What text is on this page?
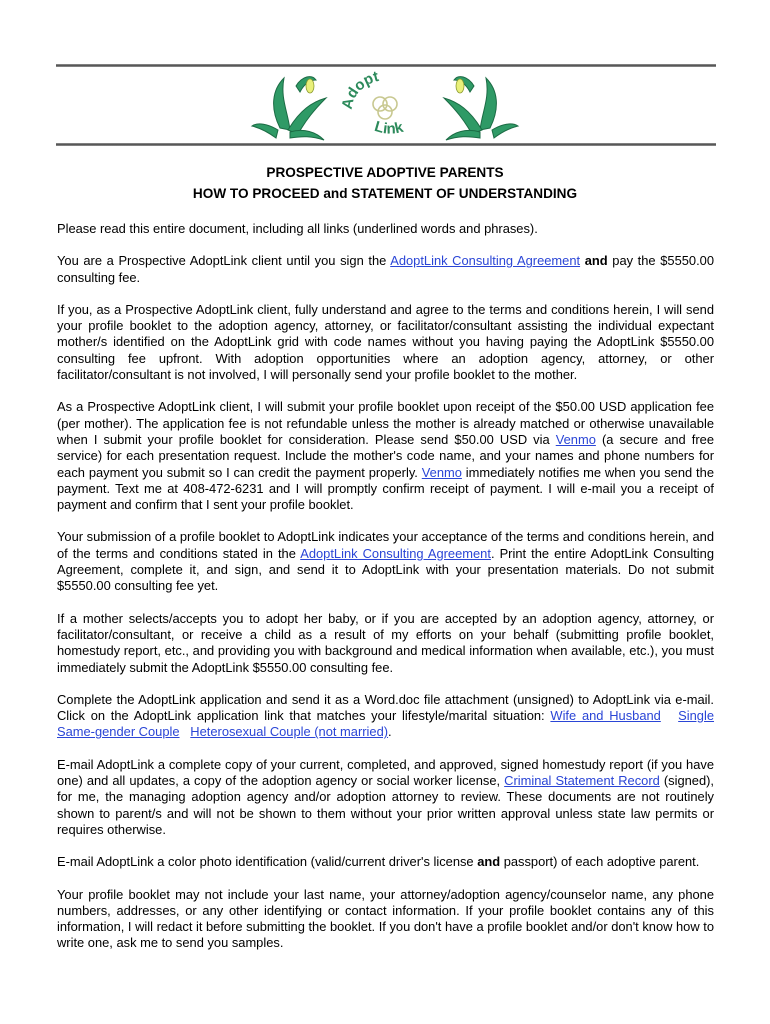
Adopt
Link
PROSPECTIVE ADOPTIVE PARENTS
HOW TO PROCEED and STATEMENT OF UNDERSTANDING

Please read this entire document, including all links (underlined words and phrases).

You are a Prospective AdoptLink client until you sign the AdoptLink Consulting Agreement and pay the $5550.00 consulting fee.

If you, as a Prospective AdoptLink client, fully understand and agree to the terms and conditions herein, I will send your profile booklet to the adoption agency, attorney, or facilitator/consultant assisting the individual expectant mother/s identified on the AdoptLink grid with code names without you having paying the AdoptLink $5550.00 consulting fee upfront. With adoption opportunities where an adoption agency, attorney, or other facilitator/consultant is not involved, I will personally send your profile booklet to the mother.

As a Prospective AdoptLink client, I will submit your profile booklet upon receipt of the $50.00 USD application fee (per mother). The application fee is not refundable unless the mother is already matched or otherwise unavailable when I submit your profile booklet for consideration. Please send $50.00 USD via Venmo (a secure and free service) for each presentation request. Include the mother's code name, and your names and phone numbers for each payment you submit so I can credit the payment properly. Venmo immediately notifies me when you send the payment. Text me at 408-472-6231 and I will promptly confirm receipt of payment. I will e-mail you a receipt of payment and confirm that I sent your profile booklet.

Your submission of a profile booklet to AdoptLink indicates your acceptance of the terms and conditions herein, and of the terms and conditions stated in the AdoptLink Consulting Agreement. Print the entire AdoptLink Consulting Agreement, complete it, and sign, and send it to AdoptLink with your presentation materials. Do not submit $5550.00 consulting fee yet.

If a mother selects/accepts you to adopt her baby, or if you are accepted by an adoption agency, attorney, or facilitator/consultant, or receive a child as a result of my efforts on your behalf (submitting profile booklet, homestudy report, etc., and providing you with background and medical information when available, etc.), you must immediately submit the AdoptLink $5550.00 consulting fee.

Complete the AdoptLink application and send it as a Word.doc file attachment (unsigned) to AdoptLink via e-mail. Click on the AdoptLink application link that matches your lifestyle/marital situation: Wife and Husband Single Same-gender Couple Heterosexual Couple (not married).

E-mail AdoptLink a complete copy of your current, completed, and approved, signed homestudy report (if you have one) and all updates, a copy of the adoption agency or social worker license, Criminal Statement Record (signed), for me, the managing adoption agency and/or adoption attorney to review. These documents are not routinely shown to parent/s and will not be shown to them without your prior written approval unless state law permits or requires otherwise.

E-mail AdoptLink a color photo identification (valid/current driver's license and passport) of each adoptive parent.

Your profile booklet may not include your last name, your attorney/adoption agency/counselor name, any phone numbers, addresses, or any other identifying or contact information. If your profile booklet contains any of this information, I will redact it before submitting the booklet. If you don't have a profile booklet and/or don't know how to write one, ask me to send you samples.
